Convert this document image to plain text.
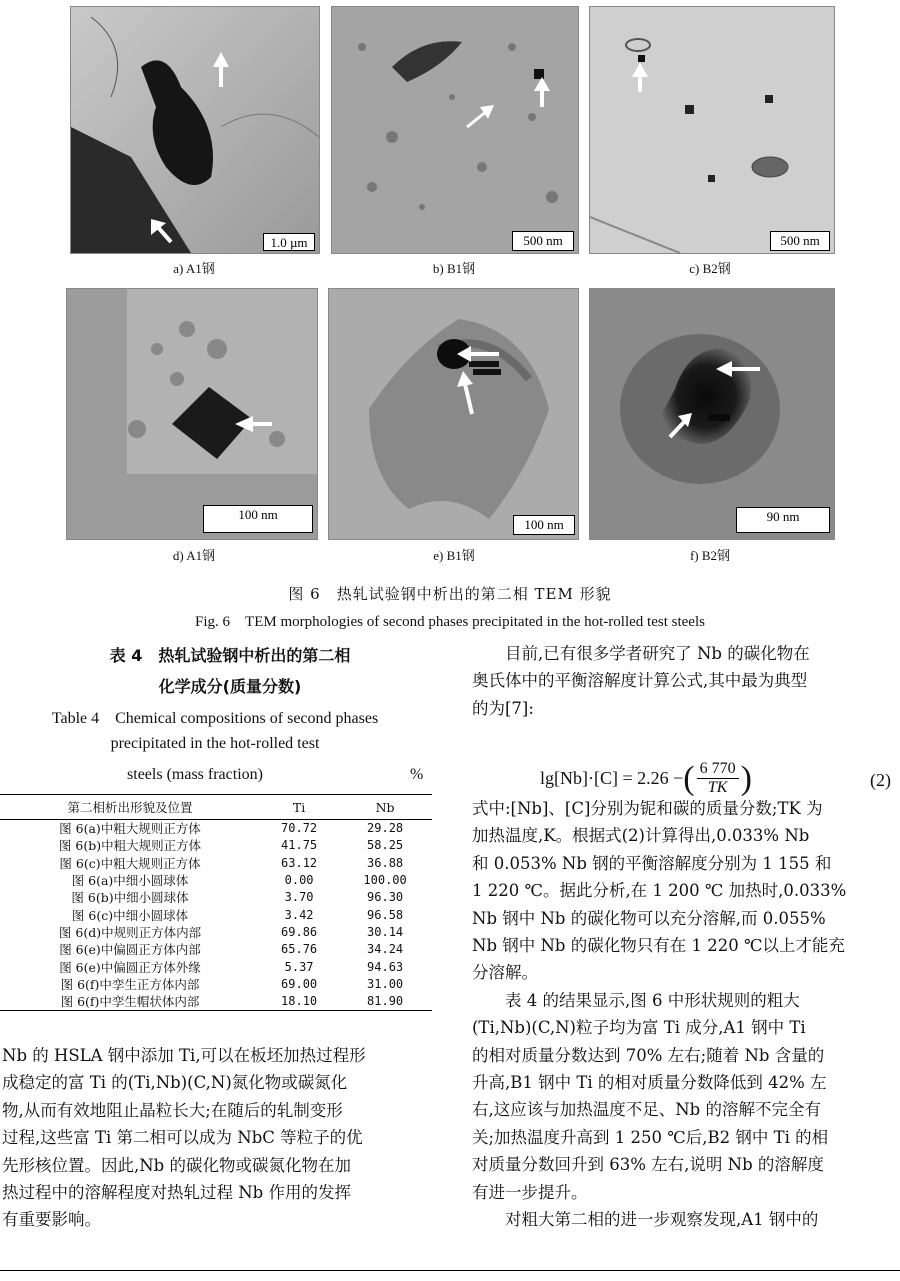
1.0 µm	500 nm	500 nm
a) A1钢	b) B1钢	c) B2钢
100 nm
100 nm
90 nm
d) A1钢	e) B1钢	f) B2钢
图 6　热轧试验钢中析出的第二相 TEM 形貌
Fig. 6　TEM morphologies of second phases precipitated in the hot-rolled test steels
表 4　热轧试验钢中析出的第二相
化学成分(质量分数)
Table 4　Chemical compositions of second phases
precipitated in the hot-rolled test
steels (mass fraction)	%
第二相析出形貌及位置	Ti	Nb
图 6(a)中粗大规则正方体	70.72	29.28
图 6(b)中粗大规则正方体	41.75	58.25
图 6(c)中粗大规则正方体	63.12	36.88
图 6(a)中细小圆球体	0.00	100.00
图 6(b)中细小圆球体	3.70	96.30
图 6(c)中细小圆球体	3.42	96.58
图 6(d)中规则正方体内部	69.86	30.14
图 6(e)中偏圆正方体内部	65.76	34.24
图 6(e)中偏圆正方体外缘	5.37	94.63
图 6(f)中孪生正方体内部	69.00	31.00
图 6(f)中孪生帽状体内部	18.10	81.90

Nb 的 HSLA 钢中添加 Ti,可以在板坯加热过程形

成稳定的富 Ti 的(Ti,Nb)(C,N)氮化物或碳氮化

物,从而有效地阻止晶粒长大;在随后的轧制变形

过程,这些富 Ti 第二相可以成为 NbC 等粒子的优

先形核位置。因此,Nb 的碳化物或碳氮化物在加

热过程中的溶解程度对热轧过程 Nb 作用的发挥

有重要影响。

　　目前,已有很多学者研究了 Nb 的碳化物在

奥氏体中的平衡溶解度计算公式,其中最为典型

的为[7]:

lg[Nb]·[C] = 2.26 − ( $\frac{6 770}{TK}$ )	(2)

式中:[Nb]、[C]分别为铌和碳的质量分数;TK 为

加热温度,K。根据式(2)计算得出,0.033% Nb

和 0.053% Nb 钢的平衡溶解度分别为 1 155 和

1 220 ℃。据此分析,在 1 200 ℃ 加热时,0.033%

Nb 钢中 Nb 的碳化物可以充分溶解,而 0.055%

Nb 钢中 Nb 的碳化物只有在 1 220 ℃以上才能充

分溶解。

　　表 4 的结果显示,图 6 中形状规则的粗大

(Ti,Nb)(C,N)粒子均为富 Ti 成分,A1 钢中 Ti

的相对质量分数达到 70% 左右;随着 Nb 含量的

升高,B1 钢中 Ti 的相对质量分数降低到 42% 左

右,这应该与加热温度不足、Nb 的溶解不完全有

关;加热温度升高到 1 250 ℃后,B2 钢中 Ti 的相

对质量分数回升到 63% 左右,说明 Nb 的溶解度

有进一步提升。

　　对粗大第二相的进一步观察发现,A1 钢中的
